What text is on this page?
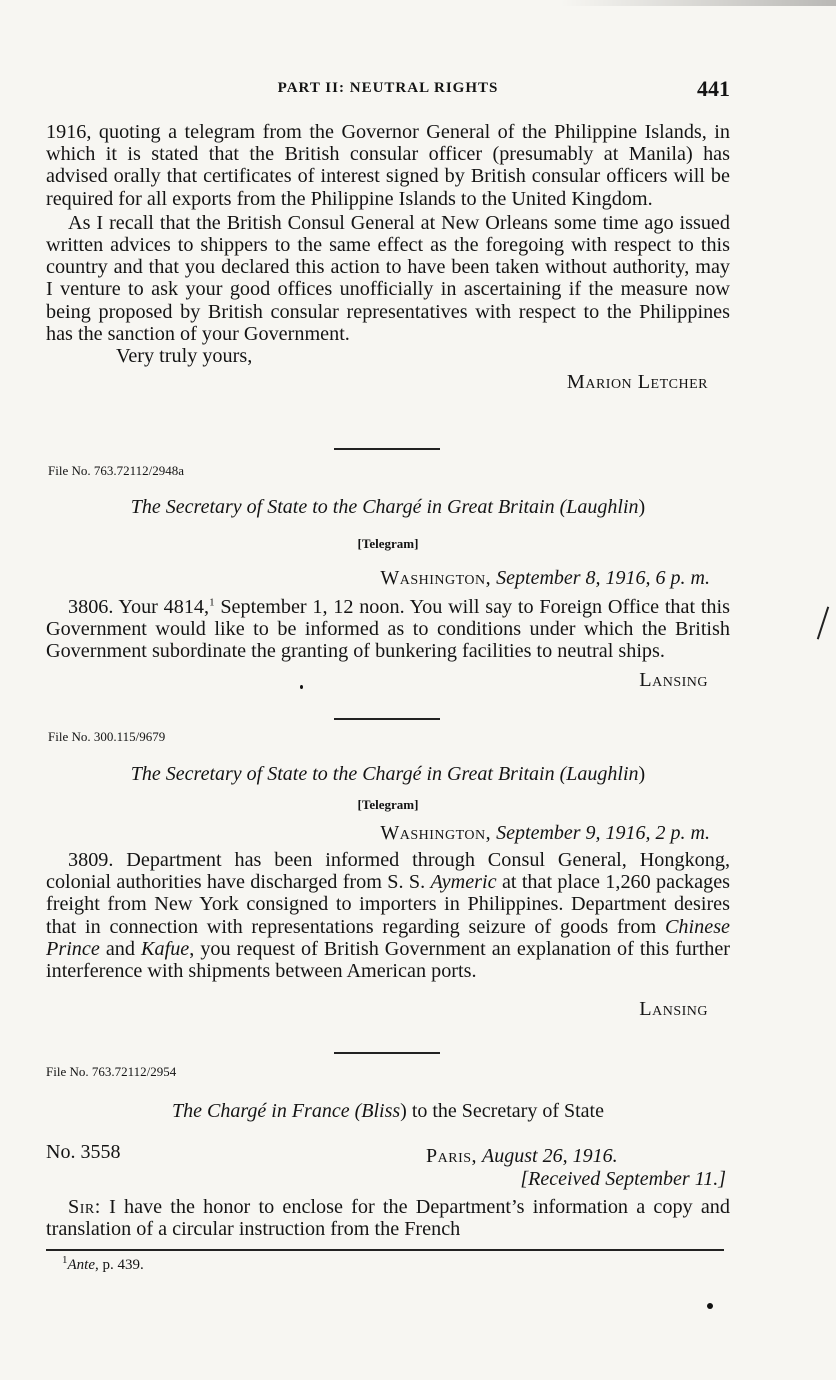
PART II: NEUTRAL RIGHTS	441

1916, quoting a telegram from the Governor General of the Philippine Islands, in which it is stated that the British consular officer (presumably at Manila) has advised orally that certificates of interest signed by British consular officers will be required for all exports from the Philippine Islands to the United Kingdom.

As I recall that the British Consul General at New Orleans some time ago issued written advices to shippers to the same effect as the foregoing with respect to this country and that you declared this action to have been taken without authority, may I venture to ask your good offices unofficially in ascertaining if the measure now being proposed by British consular representatives with respect to the Philippines has the sanction of your Government.

Very truly yours,

Marion Letcher

File No. 763.72112/2948a
The Secretary of State to the Chargé in Great Britain (Laughlin)
[Telegram]
Washington, September 8, 1916, 6 p. m.

3806. Your 4814,$^1$ September 1, 12 noon. You will say to Foreign Office that this Government would like to be informed as to conditions under which the British Government subordinate the granting of bunkering facilities to neutral ships.

Lansing

File No. 300.115/9679
The Secretary of State to the Chargé in Great Britain (Laughlin)
[Telegram]
Washington, September 9, 1916, 2 p. m.

3809. Department has been informed through Consul General, Hongkong, colonial authorities have discharged from S. S. Aymeric at that place 1,260 packages freight from New York consigned to importers in Philippines. Department desires that in connection with representations regarding seizure of goods from Chinese Prince and Kafue, you request of British Government an explanation of this further interference with shipments between American ports.

Lansing

File No. 763.72112/2954
The Chargé in France (Bliss) to the Secretary of State
No. 3558	Paris, August 26, 1916.
[Received September 11.]

Sir: I have the honor to enclose for the Department’s information a copy and translation of a circular instruction from the French

$^1$Ante, p. 439.
